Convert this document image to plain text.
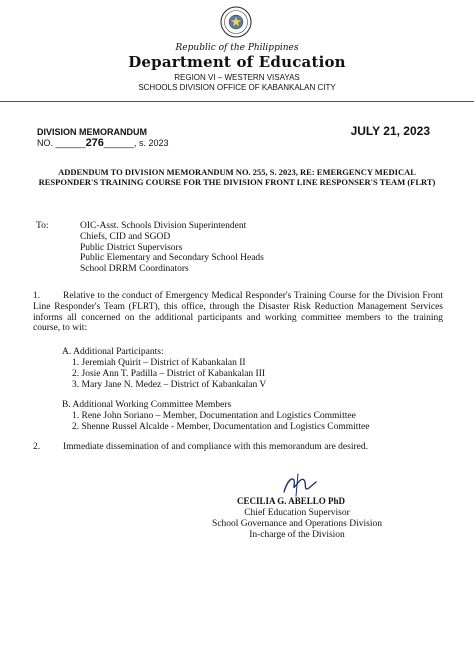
Republic of the Philippines
Department of Education
REGION VI – WESTERN VISAYAS
SCHOOLS DIVISION OFFICE OF KABANKALAN CITY
DIVISION MEMORANDUM
NO. ______276______, s. 2023
JULY 21, 2023
ADDENDUM TO DIVISION MEMORANDUM NO. 255, S. 2023, RE: EMERGENCY MEDICAL RESPONDER'S TRAINING COURSE FOR THE DIVISION FRONT LINE RESPONSER'S TEAM (FLRT)
To:	OIC-Asst. Schools Division Superintendent
Chiefs, CID and SGOD
Public District Supervisors
Public Elementary and Secondary School Heads
School DRRM Coordinators
1. Relative to the conduct of Emergency Medical Responder's Training Course for the Division Front Line Responder's Team (FLRT), this office, through the Disaster Risk Reduction Management Services informs all concerned on the additional participants and working committee members to the training course, to wit:
A. Additional Participants:
1. Jeremiah Quirit – District of Kabankalan II
2. Josie Ann T. Padilla – District of Kabankalan III
3. Mary Jane N. Medez – District of Kabankalan V
B. Additional Working Committee Members
1. Rene John Soriano – Member, Documentation and Logistics Committee
2. Shenne Russel Alcalde - Member, Documentation and Logistics Committee
2. Immediate dissemination of and compliance with this memorandum are desired.
CECILIA G. ABELLO PhD
Chief Education Supervisor
School Governance and Operations Division
In-charge of the Division
